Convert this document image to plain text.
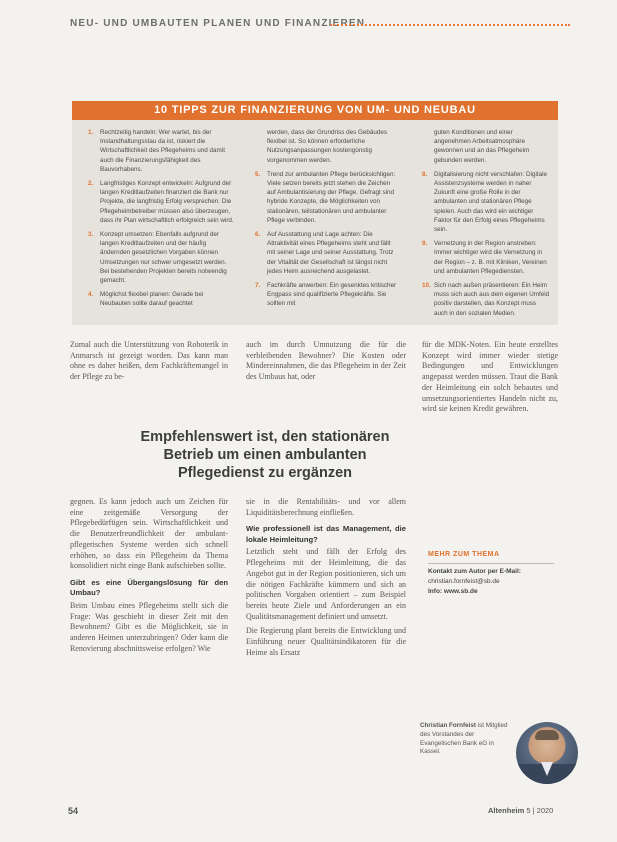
NEU- UND UMBAUTEN PLANEN UND FINANZIEREN
10 TIPPS ZUR FINANZIERUNG VON UM- UND NEUBAU
1. Rechtzeitig handeln: Wer wartet, bis der Instandhaltungsstau da ist, riskiert die Wirtschaftlichkeit des Pflegeheims und damit auch die Finanzierungsfähigkeit des Bauvorhabens.
2. Langfristiges Konzept entwickeln: Aufgrund der langen Kreditlaufzeiten finanziert die Bank nur Projekte, die langfristig Erfolg versprechen. Die Pflegeheimbetreiber müssen also überzeugen, dass ihr Plan wirtschaftlich erfolgreich sein wird.
3. Konzept umsetzen: Ebenfalls aufgrund der langen Kreditlaufzeiten und der häufig ändernden gesetzlichen Vorgaben können Umsetzungen nur schwer umgesetzt werden. Bei bestehenden Projekten bereits notwendig gemacht.
4. Möglichst flexibel planen: Gerade bei Neubauten sollte darauf geachtet
werden, dass der Grundriss des Gebäudes flexibel ist. So können erforderliche Nutzungsanpassungen kostengünstig vorgenommen werden.
5. Trend zur ambulanten Pflege berücksichtigen: Viele setzen bereits jetzt stehen die Zeichen auf Ambulantisierung der Pflege. Gefragt sind hybride Konzepte, die Möglichkeiten von stationären, teilstationären und ambulanter Pflege verbinden.
6. Auf Ausstattung und Lage achten: Die Attraktivität eines Pflegeheims steht und fällt mit seiner Lage und seiner Ausstattung. Trotz der Vitalität der Gesellschaft ist längst nicht jedes Heim ausreichend ausgelastet.
7. Fachkräfte anwerben: Ein gesenktes kritischer Engpass sind qualifizierte Pflegekräfte. Sie sollten mit
guten Konditionen und einer angenehmen Arbeitsatmosphäre gewonnen und an das Pflegeheim gebunden werden.
8. Digitalisierung nicht verschlafen: Digitale Assistenzsysteme werden in naher Zukunft eine große Rolle in der ambulanten und stationären Pflege spielen. Auch das wird ein wichtiger Faktor für den Erfolg eines Pflegeheims sein.
9. Vernetzung in der Region anstreben: Immer wichtiger wird die Vernetzung in der Region – z. B. mit Kliniken, Vereinen und ambulanten Pflegediensten.
10. Sich nach außen präsentieren: Ein Heim muss sich auch aus dem eigenen Umfeld positiv darstellen, das Konzept muss auch in den sozialen Medien.

Zumal auch die Unterstützung von Roboterik in Anmarsch ist gezeigt worden. Das kann man ohne es daher heißen, dem Fachkräftemangel in der Pflege zu be-

auch im durch Umnutzung die für die verbleibenden Bewohner? Die Kosten oder Mindereinnahmen, die das Pflegeheim in der Zeit des Umbaus hat, oder

für die MDK-Noten. Ein heute erstelltes Konzept wird immer wieder stetige Bedingungen und Entwicklungen angepasst werden müssen. Traut die Bank der Heimleitung ein solch bebautes und umsetzungsorientiertes Handeln nicht zu, wird sie keinen Kredit gewähren.

Empfehlenswert ist, den stationären Betrieb um einen ambulanten Pflegedienst zu ergänzen
MEHR ZUM THEMA
Kontakt zum Autor per E-Mail:
christian.fornfeist@sb.de
Info: www.sb.de

gegnen. Es kann jedoch auch um Zeichen für eine zeitgemäße Versorgung der Pflegebedürftigen sein. Wirtschaftlichkeit und die Benutzerfreundlichkeit der ambulant-pflegerischen Systeme werden sich schnell erhöhen, so dass ein Pflegeheim da Thema konsolidiert nicht einge Bank aufschieben sollte.

Gibt es eine Übergangslösung für den Umbau?

Beim Umbau eines Pflegeheims stellt sich die Frage: Was geschieht in dieser Zeit mit den Bewohnern? Gibt es die Möglichkeit, sie in anderen Heimen unterzubringen? Oder kann die Renovierung abschnittsweise erfolgen? Wie

sie in die Rentabilitäts- und vor allem Liquiditätsberechnung einfließen.

Wie professionell ist das Management, die lokale Heimleitung?

Letztlich steht und fällt der Erfolg des Pflegeheims mit der Heimleitung, die das Angebot gut in der Region positionieren, sich um die nötigen Fachkräfte kümmern und sich an politischen Vorgaben orientiert – zum Beispiel bereits heute Ziele und Anforderungen an ein Qualitätsmanagement definiert und umsetzt.

Die Regierung plant bereits die Entwicklung und Einführung neuer Qualitätsindikatoren für die Heime als Ersatz

Christian Fornfeist ist Mitglied des Vorstandes der Evangelischen Bank eG in Kassel.
54	Altenheim 5 | 2020
